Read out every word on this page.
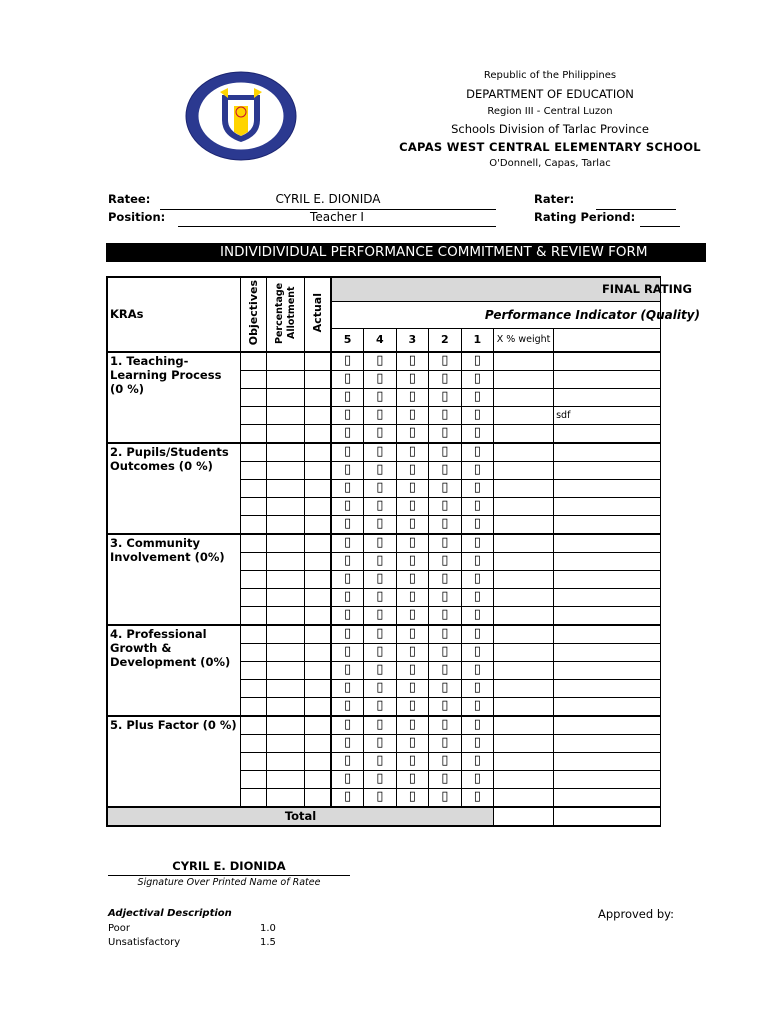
Republic of the Philippines
DEPARTMENT OF EDUCATION
Region III - Central Luzon
Schools Division of Tarlac Province
CAPAS WEST CENTRAL ELEMENTARY SCHOOL
O'Donnell, Capas, Tarlac
Ratee:	CYRIL E. DIONIDA
Position:	Teacher I
Rater:
Rating Periond:
INDIVIDIVIDUAL PERFORMANCE COMMITMENT & REVIEW FORM
KRAs	Objectives	Percentage Allotment	Actual	FINAL RATING						
				Performance Indicator (Quality)						
				5	4	3	2	1	X % weight	
1. Teaching-Learning Process (0 %)				▯	▯	▯	▯	▯		
				▯	▯	▯	▯	▯		
				▯	▯	▯	▯	▯		
				▯	▯	▯	▯	▯		sdf
				▯	▯	▯	▯	▯		
2. Pupils/Students Outcomes (0 %)				▯	▯	▯	▯	▯		
				▯	▯	▯	▯	▯		
				▯	▯	▯	▯	▯		
				▯	▯	▯	▯	▯		
				▯	▯	▯	▯	▯		
3. Community Involvement (0%)				▯	▯	▯	▯	▯		
				▯	▯	▯	▯	▯		
				▯	▯	▯	▯	▯		
				▯	▯	▯	▯	▯		
				▯	▯	▯	▯	▯		
4. Professional Growth & Development (0%)				▯	▯	▯	▯	▯		
				▯	▯	▯	▯	▯		
				▯	▯	▯	▯	▯		
				▯	▯	▯	▯	▯		
				▯	▯	▯	▯	▯		
5. Plus Factor (0 %)				▯	▯	▯	▯	▯		
				▯	▯	▯	▯	▯		
				▯	▯	▯	▯	▯		
				▯	▯	▯	▯	▯		
				▯	▯	▯	▯	▯		
Total										
CYRIL E. DIONIDA
Signature Over Printed Name of Ratee
Approved by:
Adjectival Description
Poor	1.0
Unsatisfactory	1.5
